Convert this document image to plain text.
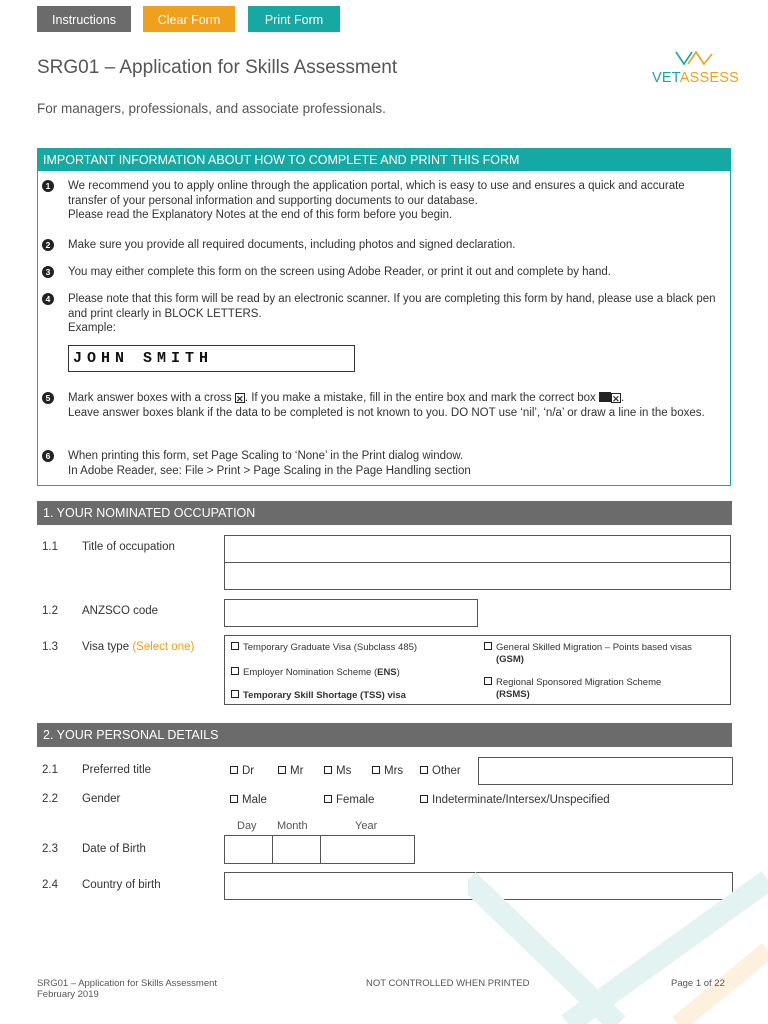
Instructions	Clear Form	Print Form
SRG01 – Application for Skills Assessment
For managers, professionals, and associate professionals.
VETASSESS
IMPORTANT INFORMATION ABOUT HOW TO COMPLETE AND PRINT THIS FORM
1	We recommend you to apply online through the application portal, which is easy to use and ensures a quick and accurate transfer of your personal information and supporting documents to our database.
Please read the Explanatory Notes at the end of this form before you begin.
2	Make sure you provide all required documents, including photos and signed declaration.
3	You may either complete this form on the screen using Adobe Reader, or print it out and complete by hand.
4	Please note that this form will be read by an electronic scanner. If you are completing this form by hand, please use a black pen and print clearly in BLOCK LETTERS.
Example:
JOHN SMITH
5	Mark answer boxes with a cross ✕. If you make a mistake, fill in the entire box and mark the correct box ✕.
Leave answer boxes blank if the data to be completed is not known to you. DO NOT use ‘nil’, ‘n/a’ or draw a line in the boxes.
6	When printing this form, set Page Scaling to ‘None’ in the Print dialog window.
In Adobe Reader, see: File > Print > Page Scaling in the Page Handling section
1. YOUR NOMINATED OCCUPATION
1.1 Title of occupation
1.2 ANZSCO code
1.3 Visa type (Select one)	Temporary Graduate Visa (Subclass 485)
Employer Nomination Scheme (ENS)
Temporary Skill Shortage (TSS) visa
General Skilled Migration – Points based visas
(GSM)
Regional Sponsored Migration Scheme
(RSMS)
2. YOUR PERSONAL DETAILS
2.1 Preferred title	Dr	Mr	Ms	Mrs	Other
2.2 Gender	Male	Female	Indeterminate/Intersex/Unspecified
Day Month	Year
2.3 Date of Birth
2.4 Country of birth
SRG01 – Application for Skills Assessment
February 2019
NOT CONTROLLED WHEN PRINTED	Page 1 of 22
